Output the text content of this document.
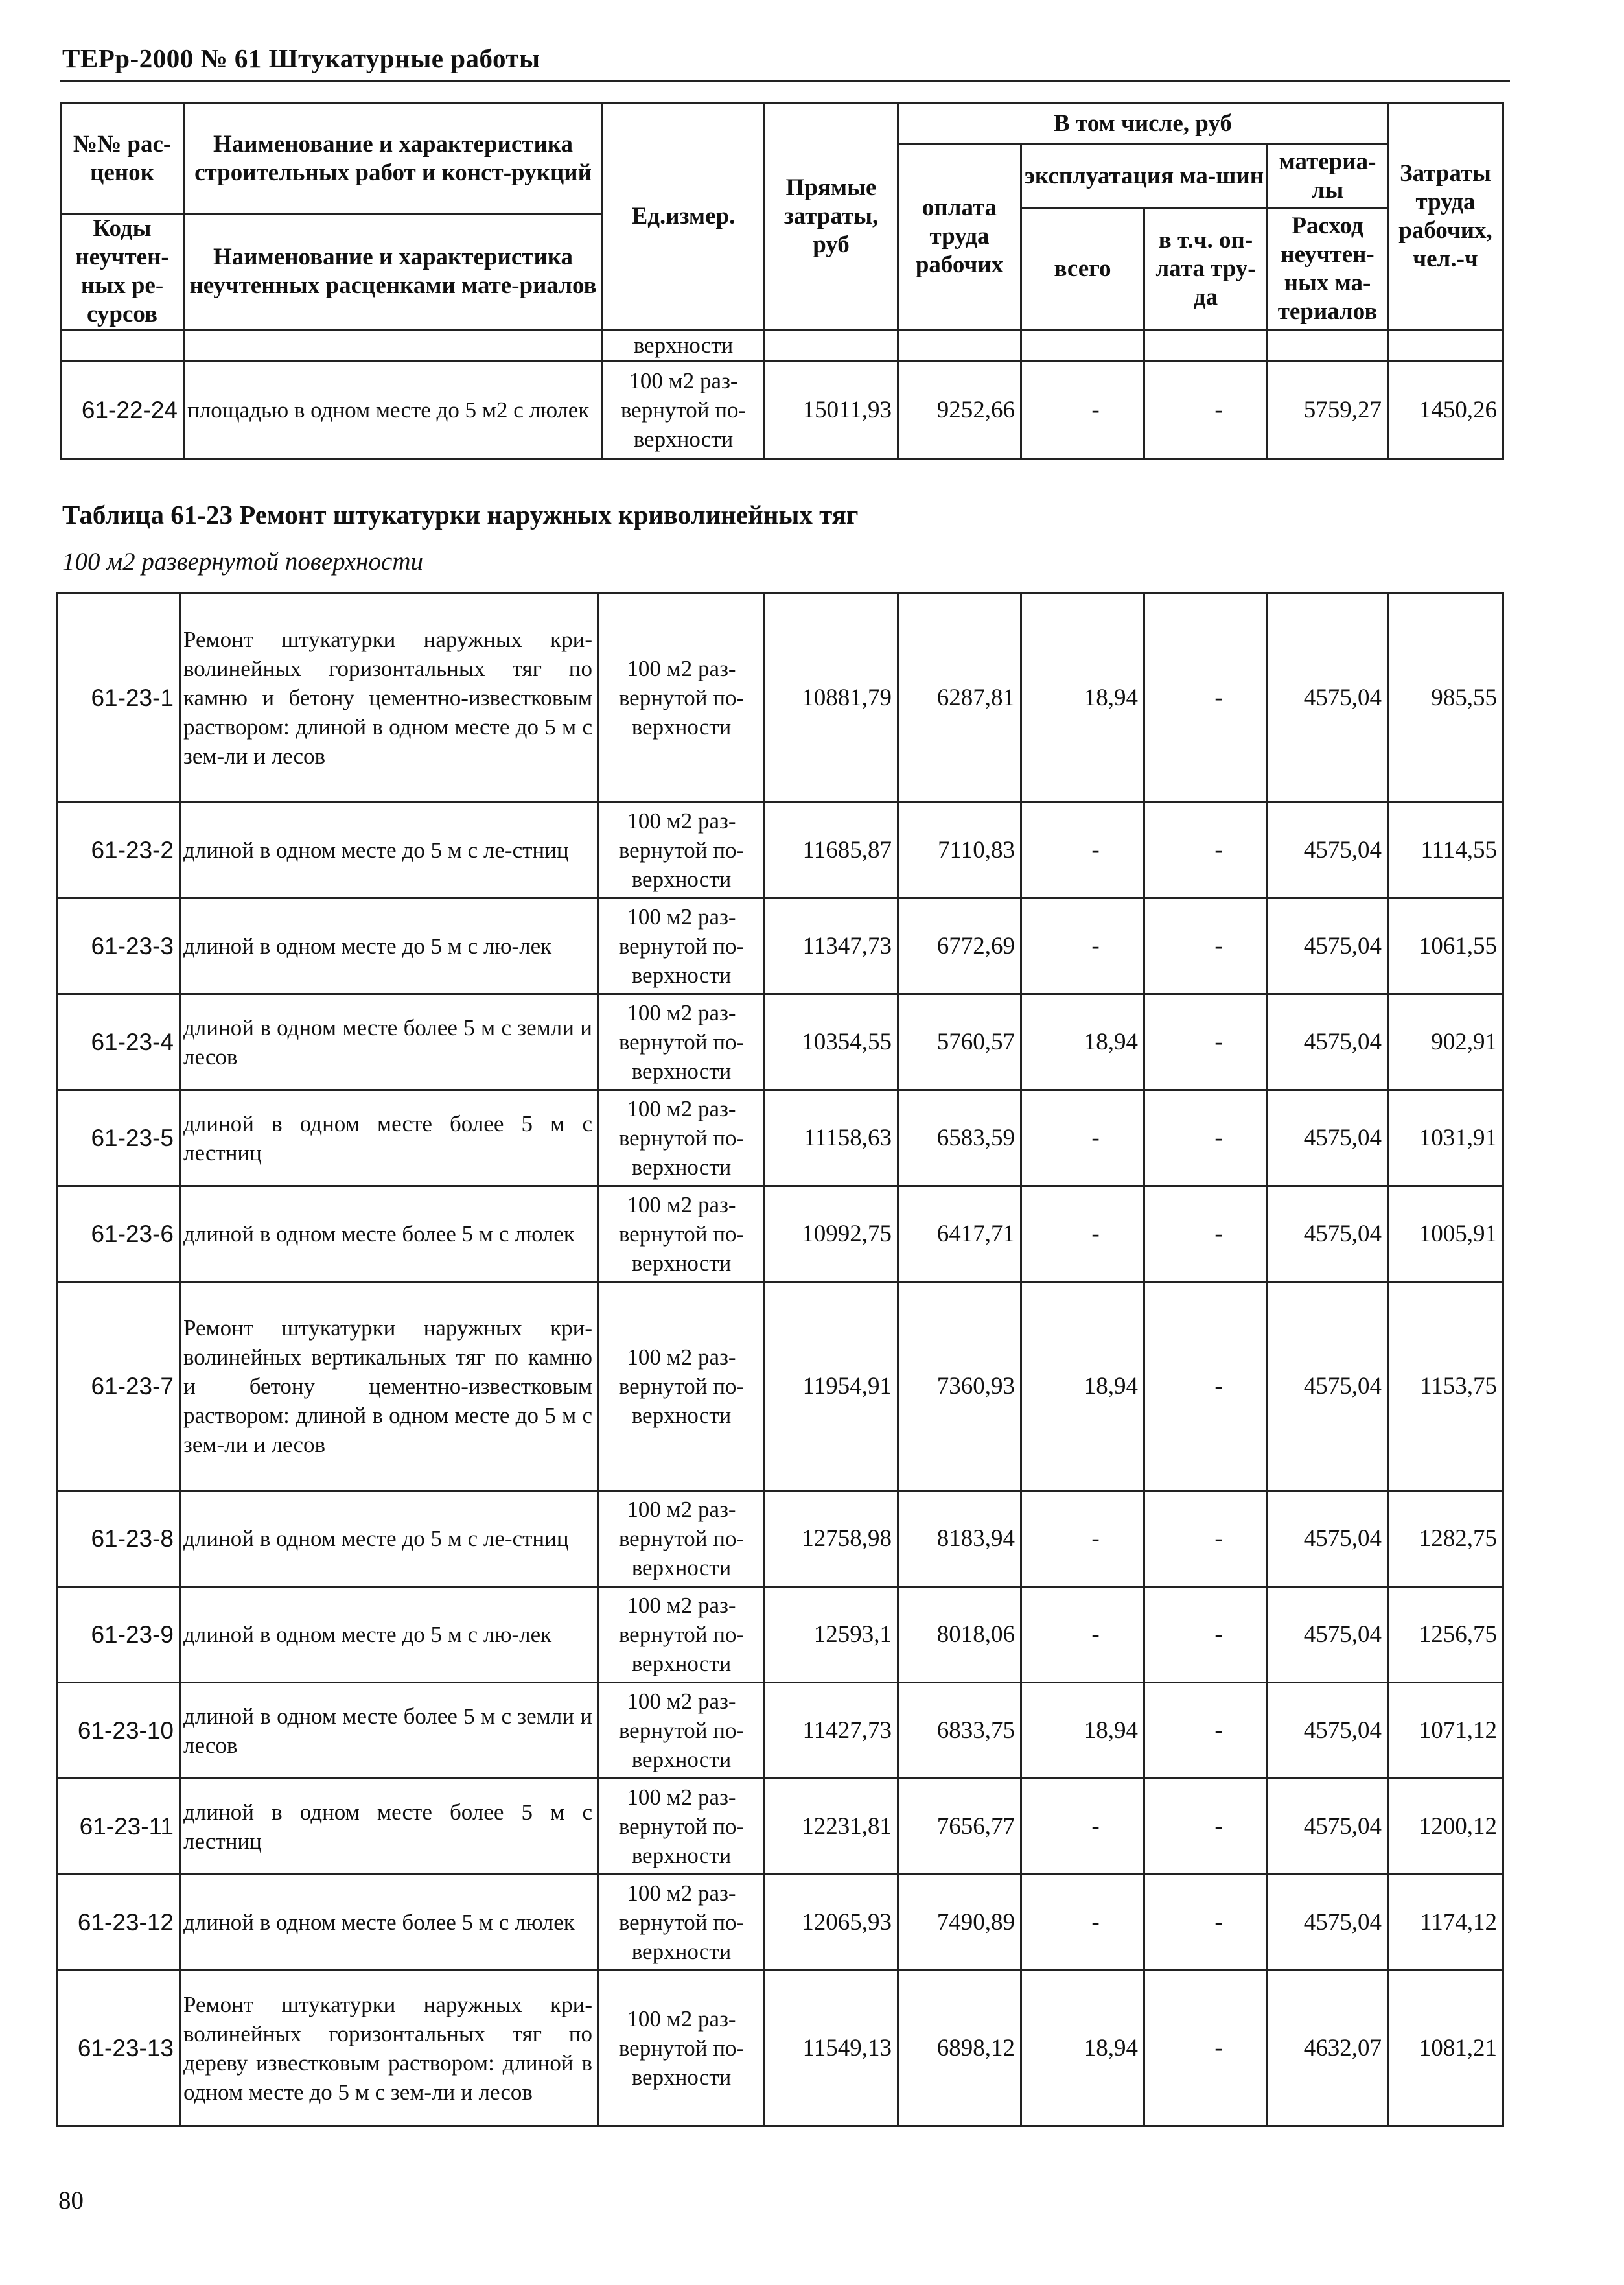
ТЕРр-2000 № 61 Штукатурные работы
№№ рас-ценок	Наименование и характеристика строительных работ и конст-рукций	Ед.измер.	Прямые затраты, руб	В том числе, руб				Затраты труда рабочих, чел.-ч
				оплата труда рабочих	эксплуатация ма-шин		материа-лы	
					всего	в т.ч. оп-лата тру-да	Расход неучтен-ных ма-териалов	
Коды неучтен-ных ре-сурсов	Наименование и характеристика неучтенных расценками мате-риалов							

		верхности						
61-22-24	площадью в одном месте до 5 м2 с люлек	100 м2 раз-вернутой по-верхности	15011,93	9252,66	-	-	5759,27	1450,26
Таблица 61-23 Ремонт штукатурки наружных криволинейных тяг
100 м2 развернутой поверхности
61-23-1	Ремонт штукатурки наружных кри-волинейных горизонтальных тяг по камню и бетону цементно-известковым раствором: длиной в одном месте до 5 м с зем-ли и лесов	100 м2 раз-вернутой по-верхности	10881,79	6287,81	18,94	-	4575,04	985,55
61-23-2	длиной в одном месте до 5 м с ле-стниц	100 м2 раз-вернутой по-верхности	11685,87	7110,83	-	-	4575,04	1114,55
61-23-3	длиной в одном месте до 5 м с лю-лек	100 м2 раз-вернутой по-верхности	11347,73	6772,69	-	-	4575,04	1061,55
61-23-4	длиной в одном месте более 5 м с земли и лесов	100 м2 раз-вернутой по-верхности	10354,55	5760,57	18,94	-	4575,04	902,91
61-23-5	длиной в одном месте более 5 м с лестниц	100 м2 раз-вернутой по-верхности	11158,63	6583,59	-	-	4575,04	1031,91
61-23-6	длиной в одном месте более 5 м с люлек	100 м2 раз-вернутой по-верхности	10992,75	6417,71	-	-	4575,04	1005,91
61-23-7	Ремонт штукатурки наружных кри-волинейных вертикальных тяг по камню и бетону цементно-известковым раствором: длиной в одном месте до 5 м с зем-ли и лесов	100 м2 раз-вернутой по-верхности	11954,91	7360,93	18,94	-	4575,04	1153,75
61-23-8	длиной в одном месте до 5 м с ле-стниц	100 м2 раз-вернутой по-верхности	12758,98	8183,94	-	-	4575,04	1282,75
61-23-9	длиной в одном месте до 5 м с лю-лек	100 м2 раз-вернутой по-верхности	12593,1	8018,06	-	-	4575,04	1256,75
61-23-10	длиной в одном месте более 5 м с земли и лесов	100 м2 раз-вернутой по-верхности	11427,73	6833,75	18,94	-	4575,04	1071,12
61-23-11	длиной в одном месте более 5 м с лестниц	100 м2 раз-вернутой по-верхности	12231,81	7656,77	-	-	4575,04	1200,12
61-23-12	длиной в одном месте более 5 м с люлек	100 м2 раз-вернутой по-верхности	12065,93	7490,89	-	-	4575,04	1174,12
61-23-13	Ремонт штукатурки наружных кри-волинейных горизонтальных тяг по дереву известковым раствором: длиной в одном месте до 5 м с зем-ли и лесов	100 м2 раз-вернутой по-верхности	11549,13	6898,12	18,94	-	4632,07	1081,21
80
